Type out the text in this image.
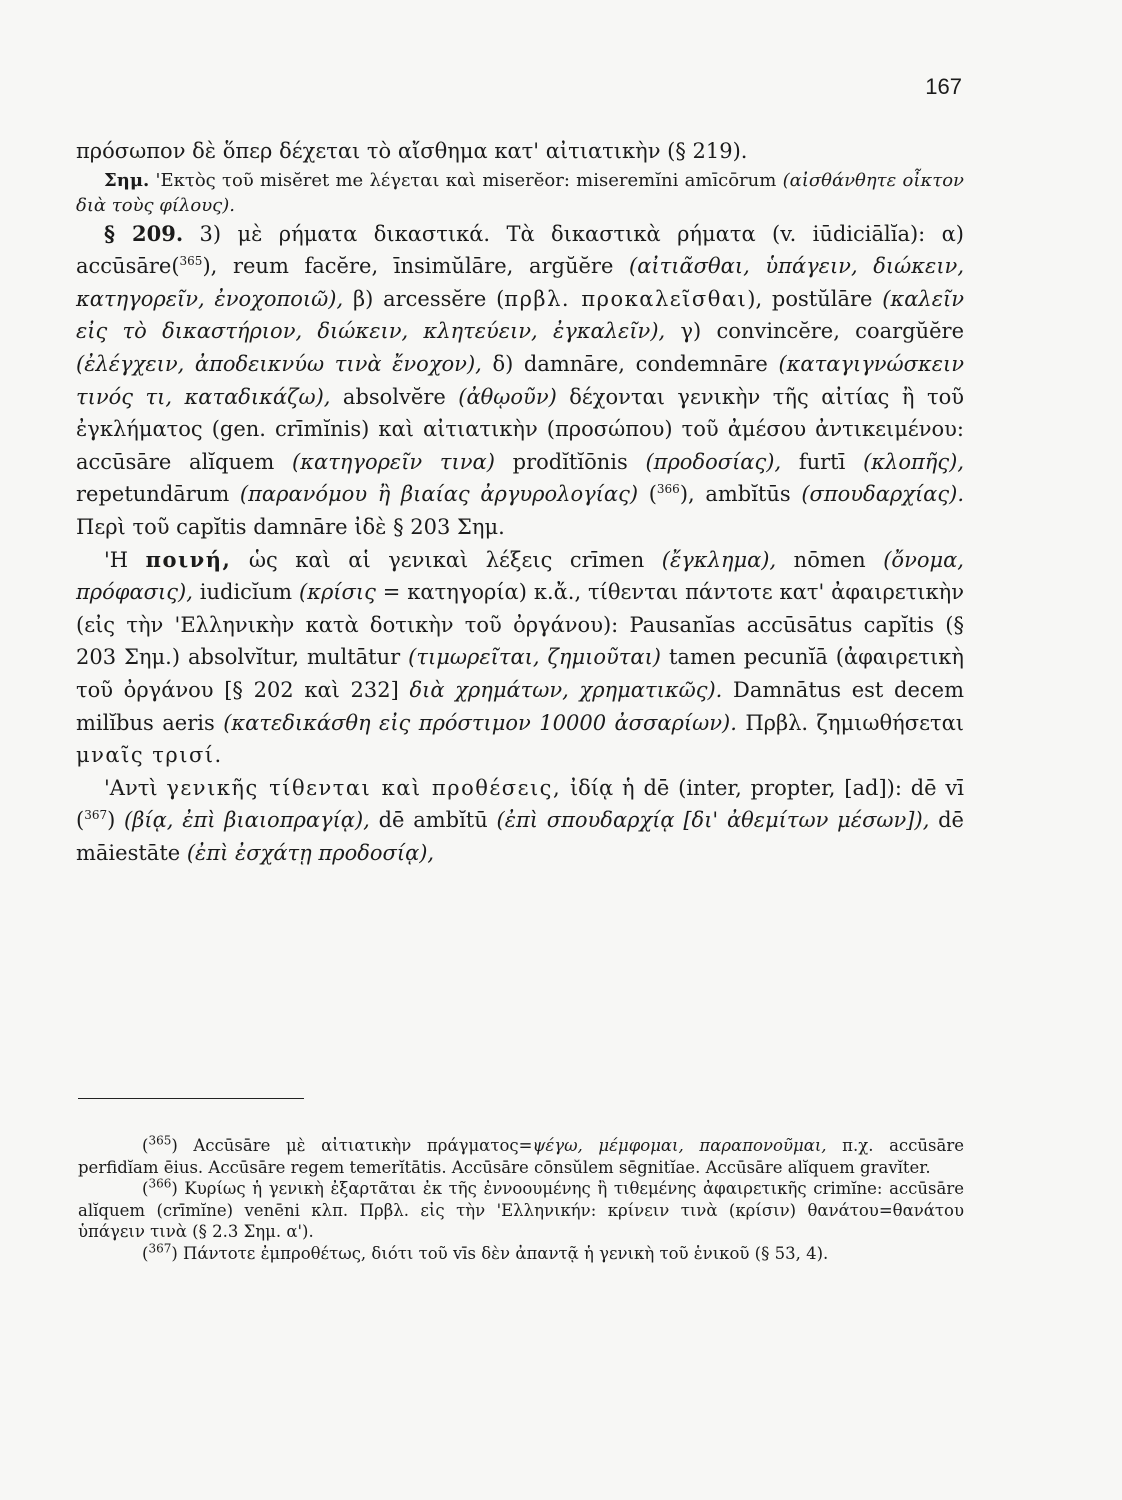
167

πρόσωπον δὲ ὅπερ δέχεται τὸ αἴσθημα κατ' αἰτιατικὴν (§ 219).

Σημ. 'Εκτὸς τοῦ misĕret me λέγεται καὶ miserĕor: miseremĭni amīcōrum (αἰσθάνθητε οἶκτον διὰ τοὺς φίλους).

§ 209. 3) μὲ ρήματα δικαστικά. Τὰ δικαστικὰ ρήματα (v. iūdiciālĭa): α) accūsāre($^{365}$), reum facĕre, īnsimŭlāre, argŭĕre (αἰτιᾶσθαι, ὑπάγειν, διώκειν, κατηγορεῖν, ἐνοχοποιῶ), β) arcessĕre (πρβλ. προκαλεῖσθαι), postŭlāre (καλεῖν εἰς τὸ δικαστήριον, διώκειν, κλητεύειν, ἐγκαλεῖν), γ) convincĕre, coargŭĕre (ἐλέγχειν, ἀποδεικνύω τινὰ ἔνοχον), δ) damnāre, condemnāre (καταγιγνώσκειν τινός τι, καταδικάζω), absolvĕre (ἀθῳοῦν) δέχονται γενικὴν τῆς αἰτίας ἢ τοῦ ἐγκλήματος (gen. crīmĭnis) καὶ αἰτιατικὴν (προσώπου) τοῦ ἀμέσου ἀντικειμένου: accūsāre alĭquem (κατηγορεῖν τινα) prodĭtĭōnis (προδοσίας), furtī (κλοπῆς), repetundārum (παρανόμου ἢ βιαίας ἀργυρολογίας) ($^{366}$), ambĭtūs (σπουδαρχίας). Περὶ τοῦ capĭtis damnāre ἰδὲ § 203 Σημ.

'Η ποινή, ὡς καὶ αἱ γενικαὶ λέξεις crīmen (ἔγκλημα), nōmen (ὄνομα, πρόφασις), iudicĭum (κρίσις = κατηγορία) κ.ἄ., τίθενται πάντοτε κατ' ἀφαιρετικὴν (εἰς τὴν 'Ελληνικὴν κατὰ δοτικὴν τοῦ ὀργάνου): Pausanĭas accūsātus capĭtis (§ 203 Σημ.) absolvĭtur, multātur (τιμωρεῖται, ζημιοῦται) tamen pecunĭā (ἀφαιρετικὴ τοῦ ὀργάνου [§ 202 καὶ 232] διὰ χρημάτων, χρηματικῶς). Damnātus est decem milĭbus aeris (κατεδικάσθη εἰς πρόστιμον 10000 ἀσσαρίων). Πρβλ. ζημιωθήσεται μναῖς τρισί.

'Αντὶ γενικῆς τίθενται καὶ προθέσεις, ἰδίᾳ ἡ dē (inter, propter, [ad]): dē vī ($^{367}$) (βίᾳ, ἐπὶ βιαιοπραγίᾳ), dē ambĭtū (ἐπὶ σπουδαρχίᾳ [δι' ἀθεμίτων μέσων]), dē māiestāte (ἐπὶ ἐσχάτῃ προδοσίᾳ),

($^{365}$) Accūsāre μὲ αἰτιατικὴν πράγματος=ψέγω, μέμφομαι, παραπονοῦμαι, π.χ. accūsāre perfidĭam ēius. Accūsāre regem temerĭtātis. Accūsāre cōnsŭlem sēgnitĭae. Accūsāre alĭquem gravĭter.

($^{366}$) Κυρίως ἡ γενικὴ ἐξαρτᾶται ἐκ τῆς ἐννοουμένης ἢ τιθεμένης ἀφαιρετικῆς crimĭne: accūsāre alĭquem (crīmĭne) venēni κλπ. Πρβλ. εἰς τὴν 'Ελληνικήν: κρίνειν τινὰ (κρίσιν) θανάτου=θανάτου ὑπάγειν τινὰ (§ 2.3 Σημ. α').

($^{367}$) Πάντοτε ἐμπροθέτως, διότι τοῦ vīs δὲν ἀπαντᾷ ἡ γενικὴ τοῦ ἑνικοῦ (§ 53, 4).
